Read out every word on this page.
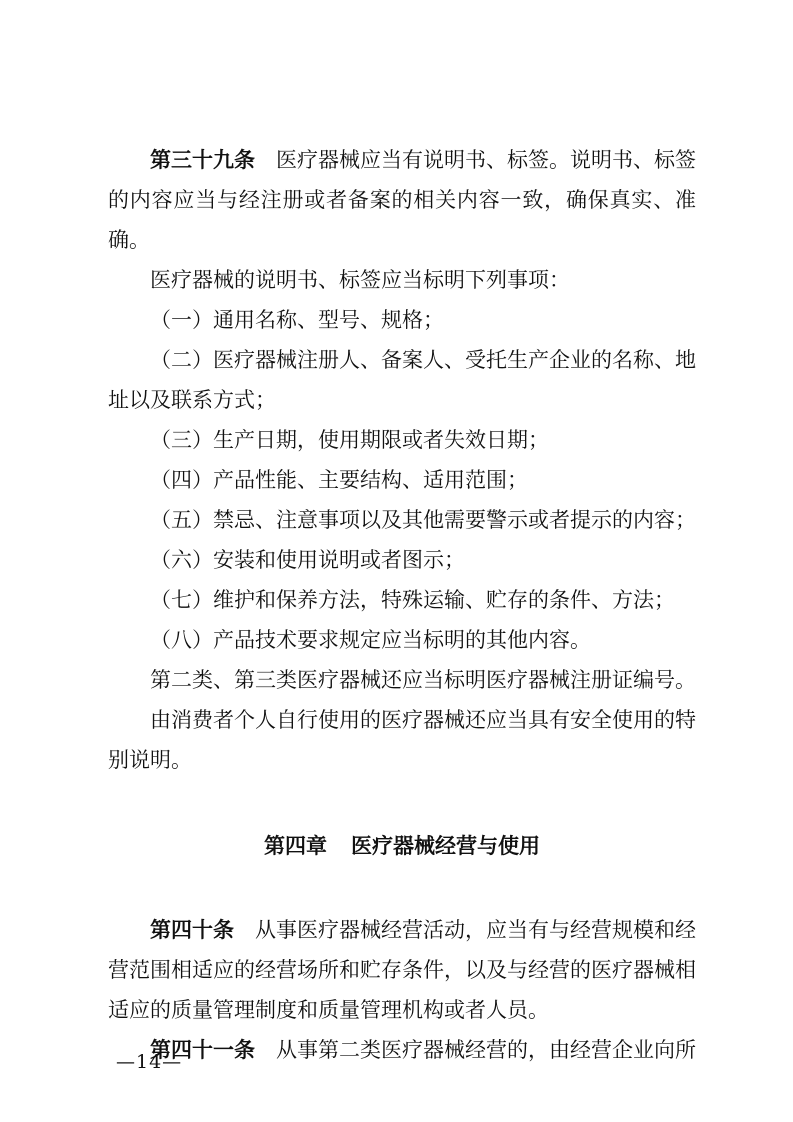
第三十九条 医疗器械应当有说明书、标签。说明书、标签的内容应当与经注册或者备案的相关内容一致，确保真实、准确。

医疗器械的说明书、标签应当标明下列事项：

（一）通用名称、型号、规格；

（二）医疗器械注册人、备案人、受托生产企业的名称、地址以及联系方式；

（三）生产日期，使用期限或者失效日期；

（四）产品性能、主要结构、适用范围；

（五）禁忌、注意事项以及其他需要警示或者提示的内容；

（六）安装和使用说明或者图示；

（七）维护和保养方法，特殊运输、贮存的条件、方法；

（八）产品技术要求规定应当标明的其他内容。

第二类、第三类医疗器械还应当标明医疗器械注册证编号。

由消费者个人自行使用的医疗器械还应当具有安全使用的特别说明。

第四章 医疗器械经营与使用

第四十条 从事医疗器械经营活动，应当有与经营规模和经营范围相适应的经营场所和贮存条件，以及与经营的医疗器械相适应的质量管理制度和质量管理机构或者人员。

第四十一条 从事第二类医疗器械经营的，由经营企业向所

—14—
